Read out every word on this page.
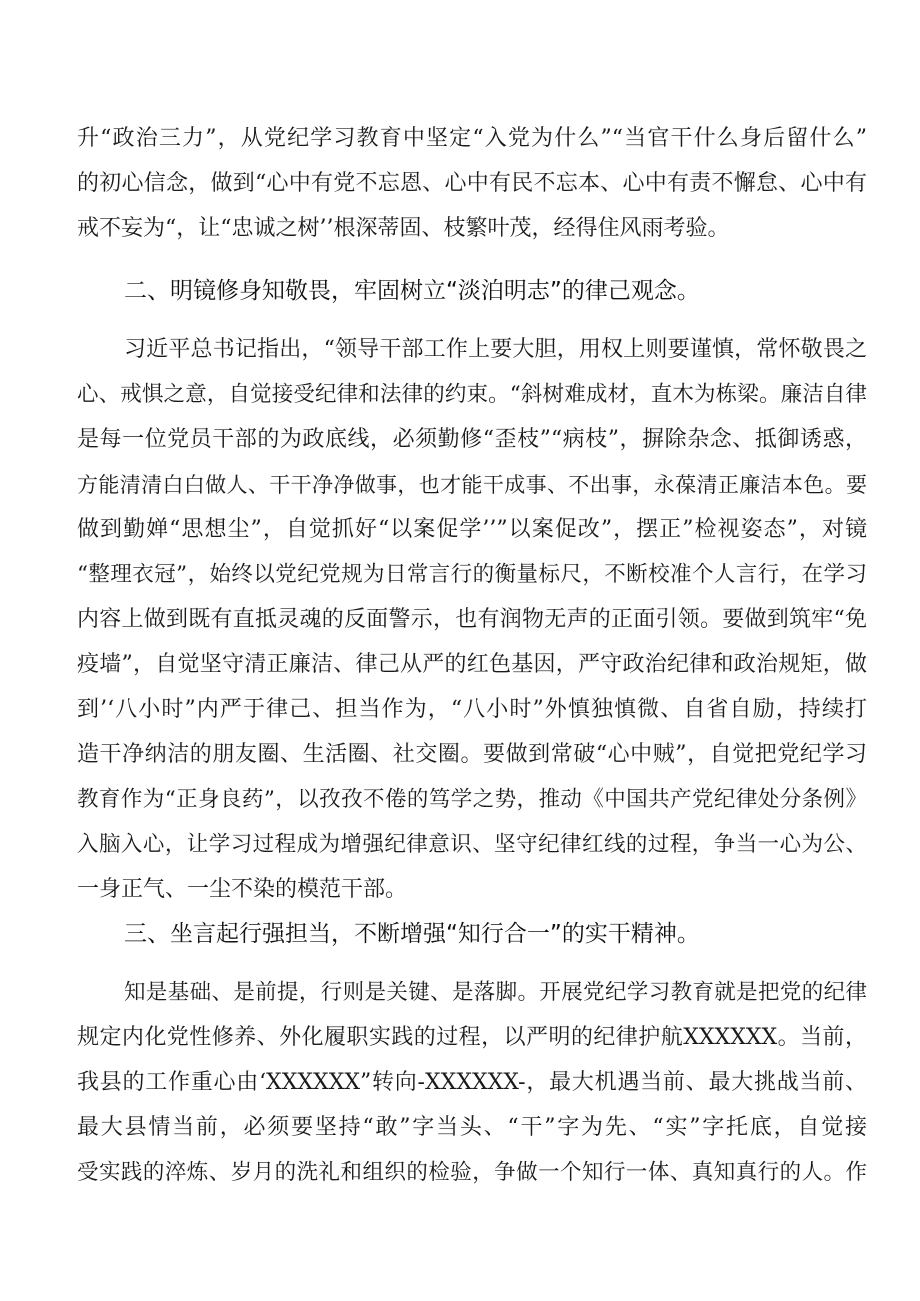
升“政治三力”，从党纪学习教育中坚定“入党为什么”“当官干什么身后留什么”
的初心信念，做到“心中有党不忘恩、心中有民不忘本、心中有责不懈怠、心中有
戒不妄为“，让“忠诚之树’’根深蒂固、枝繁叶茂，经得住风雨考验。
二、明镜修身知敬畏，牢固树立“淡泊明志”的律己观念。
习近平总书记指出，“领导干部工作上要大胆，用权上则要谨慎，常怀敬畏之
心、戒惧之意，自觉接受纪律和法律的约束。“斜树难成材，直木为栋梁。廉洁自律
是每一位党员干部的为政底线，必须勤修“歪枝”“病枝”，摒除杂念、抵御诱惑，
方能清清白白做人、干干净净做事，也才能干成事、不出事，永葆清正廉洁本色。要
做到勤婵“思想尘”，自觉抓好“以案促学’’”以案促改”，摆正”检视姿态”，对镜
“整理衣冠”，始终以党纪党规为日常言行的衡量标尺，不断校准个人言行，在学习
内容上做到既有直抵灵魂的反面警示，也有润物无声的正面引领。要做到筑牢“免
疫墙”，自觉坚守清正廉洁、律己从严的红色基因，严守政治纪律和政治规矩，做
到’‘八小时”内严于律己、担当作为，“八小时”外慎独慎微、自省自励，持续打
造干净纳洁的朋友圈、生活圈、社交圈。要做到常破“心中贼”，自觉把党纪学习
教育作为“正身良药”，以孜孜不倦的笃学之势，推动《中国共产党纪律处分条例》
入脑入心，让学习过程成为增强纪律意识、坚守纪律红线的过程，争当一心为公、
一身正气、一尘不染的模范干部。
三、坐言起行强担当，不断增强“知行合一”的实干精神。
知是基础、是前提，行则是关键、是落脚。开展党纪学习教育就是把党的纪律
规定内化党性修养、外化履职实践的过程，以严明的纪律护航XXXXXX。当前，
我县的工作重心由‘XXXXXX”转向-XXXXXX-，最大机遇当前、最大挑战当前、
最大县情当前，必须要坚持“敢”字当头、“干”字为先、“实”字托底，自觉接
受实践的淬炼、岁月的洗礼和组织的检验，争做一个知行一体、真知真行的人。作
